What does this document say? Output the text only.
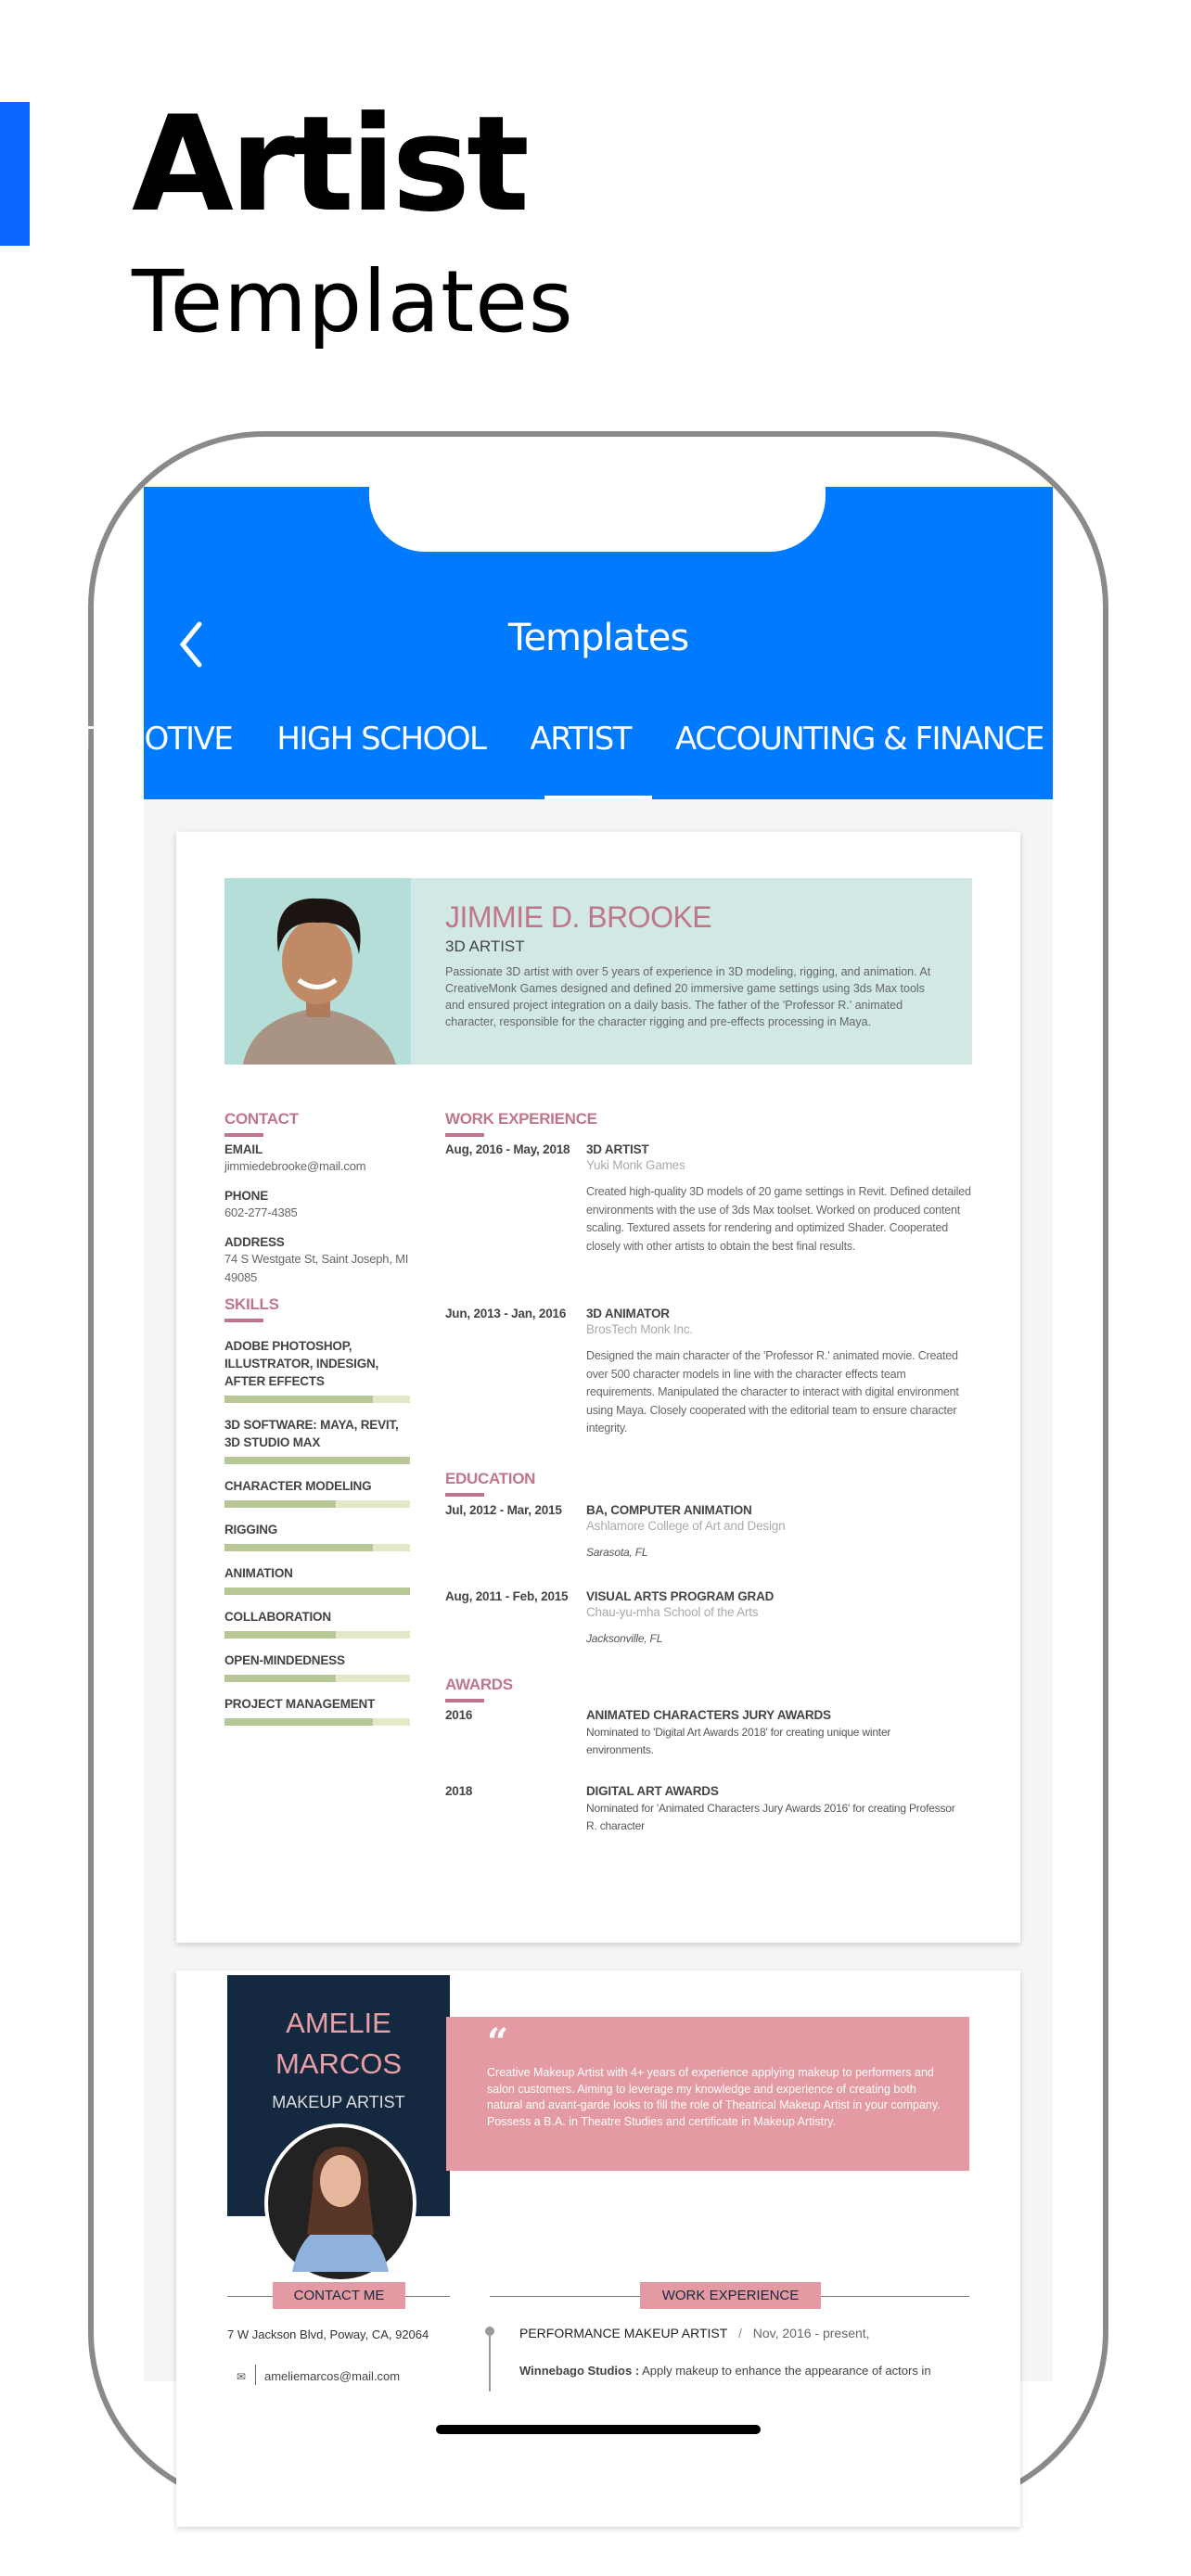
Artist
Templates
Templates
AUTOMOTIVE HIGH SCHOOL ARTIST ACCOUNTING & FINANCE
JIMMIE D. BROOKE
3D ARTIST
Passionate 3D artist with over 5 years of experience in 3D modeling, rigging, and animation. At CreativeMonk Games designed and defined 20 immersive game settings using 3ds Max tools and ensured project integration on a daily basis. The father of the 'Professor R.' animated character, responsible for the character rigging and pre-effects processing in Maya.
CONTACT
EMAIL
jimmiedebrooke@mail.com
PHONE
602-277-4385
ADDRESS
74 S Westgate St, Saint Joseph, MI 49085
SKILLS
ADOBE PHOTOSHOP, ILLUSTRATOR, INDESIGN, AFTER EFFECTS
3D SOFTWARE: MAYA, REVIT, 3D STUDIO MAX
CHARACTER MODELING
RIGGING
ANIMATION
COLLABORATION
OPEN-MINDEDNESS
PROJECT MANAGEMENT
WORK EXPERIENCE
Aug, 2016 - May, 2018	3D ARTIST
Yuki Monk Games
Created high-quality 3D models of 20 game settings in Revit. Defined detailed environments with the use of 3ds Max toolset. Worked on produced content scaling. Textured assets for rendering and optimized Shader. Cooperated closely with other artists to obtain the best final results.
Jun, 2013 - Jan, 2016	3D ANIMATOR
BrosTech Monk Inc.
Designed the main character of the 'Professor R.' animated movie. Created over 500 character models in line with the character effects team requirements. Manipulated the character to interact with digital environment using Maya. Closely cooperated with the editorial team to ensure character integrity.
EDUCATION
Jul, 2012 - Mar, 2015	BA, COMPUTER ANIMATION
Ashlamore College of Art and Design
Sarasota, FL
Aug, 2011 - Feb, 2015	VISUAL ARTS PROGRAM GRAD
Chau-yu-mha School of the Arts
Jacksonville, FL
AWARDS
2016	ANIMATED CHARACTERS JURY AWARDS
Nominated to 'Digital Art Awards 2018' for creating unique winter environments.
2018	DIGITAL ART AWARDS
Nominated for 'Animated Characters Jury Awards 2016' for creating Professor R. character
AMELIE
MARCOS
MAKEUP ARTIST
“
Creative Makeup Artist with 4+ years of experience applying makeup to performers and salon customers. Aiming to leverage my knowledge and experience of creating both natural and avant-garde looks to fill the role of Theatrical Makeup Artist in your company. Possess a B.A. in Theatre Studies and certificate in Makeup Artistry.
CONTACT ME	WORK EXPERIENCE
7 W Jackson Blvd, Poway, CA, 92064
✉ ameliemarcos@mail.com
PERFORMANCE MAKEUP ARTIST / Nov, 2016 - present,
Winnebago Studios : Apply makeup to enhance the appearance of actors in
